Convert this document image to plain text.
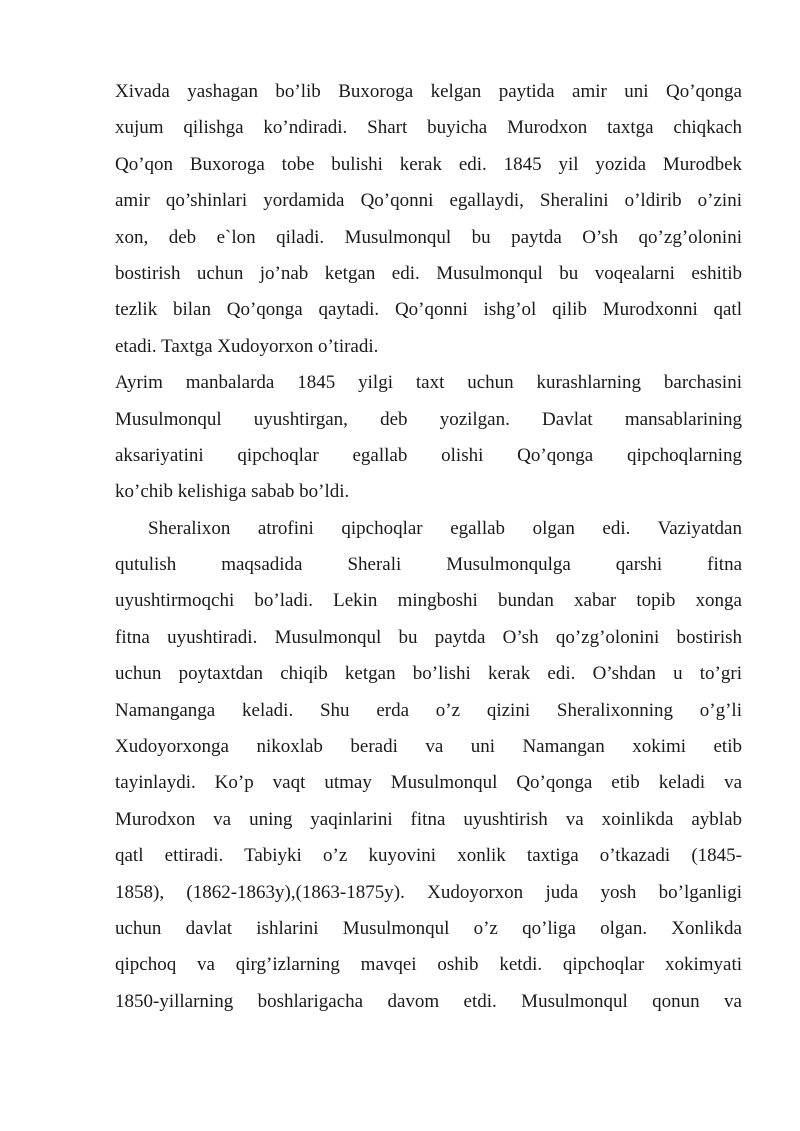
Xivada yashagan bo’lib Buxoroga kelgan paytida amir uni Qo’qonga
xujum qilishga ko’ndiradi. Shart buyicha Murodxon taxtga chiqkach
Qo’qon Buxoroga tobe bulishi kerak edi. 1845 yil yozida Murodbek
amir qo’shinlari yordamida Qo’qonni egallaydi, Sheralini o’ldirib o’zini
xon, deb e`lon qiladi. Musulmonqul bu paytda O’sh qo’zg’olonini
bostirish uchun jo’nab ketgan edi. Musulmonqul bu voqealarni eshitib
tezlik bilan Qo’qonga qaytadi. Qo’qonni ishg’ol qilib Murodxonni qatl
etadi. Taxtga Xudoyorxon o’tiradi.
Ayrim manbalarda 1845 yilgi taxt uchun kurashlarning barchasini
Musulmonqul uyushtirgan, deb yozilgan. Davlat mansablarining
aksariyatini qipchoqlar egallab olishi Qo’qonga qipchoqlarning
ko’chib kelishiga sabab bo’ldi.
Sheralixon atrofini qipchoqlar egallab olgan edi. Vaziyatdan
qutulish maqsadida Sherali Musulmonqulga qarshi fitna
uyushtirmoqchi bo’ladi. Lekin mingboshi bundan xabar topib xonga
fitna uyushtiradi. Musulmonqul bu paytda O’sh qo’zg’olonini bostirish
uchun poytaxtdan chiqib ketgan bo’lishi kerak edi. O’shdan u to’gri
Namanganga keladi. Shu erda o’z qizini Sheralixonning o’g’li
Xudoyorxonga nikoxlab beradi va uni Namangan xokimi etib
tayinlaydi. Ko’p vaqt utmay Musulmonqul Qo’qonga etib keladi va
Murodxon va uning yaqinlarini fitna uyushtirish va xoinlikda ayblab
qatl ettiradi. Tabiyki o’z kuyovini xonlik taxtiga o’tkazadi (1845-
1858), (1862-1863y),(1863-1875y). Xudoyorxon juda yosh bo’lganligi
uchun davlat ishlarini Musulmonqul o’z qo’liga olgan. Xonlikda
qipchoq va qirg’izlarning mavqei oshib ketdi. qipchoqlar xokimyati
1850-yillarning boshlarigacha davom etdi. Musulmonqul qonun va
